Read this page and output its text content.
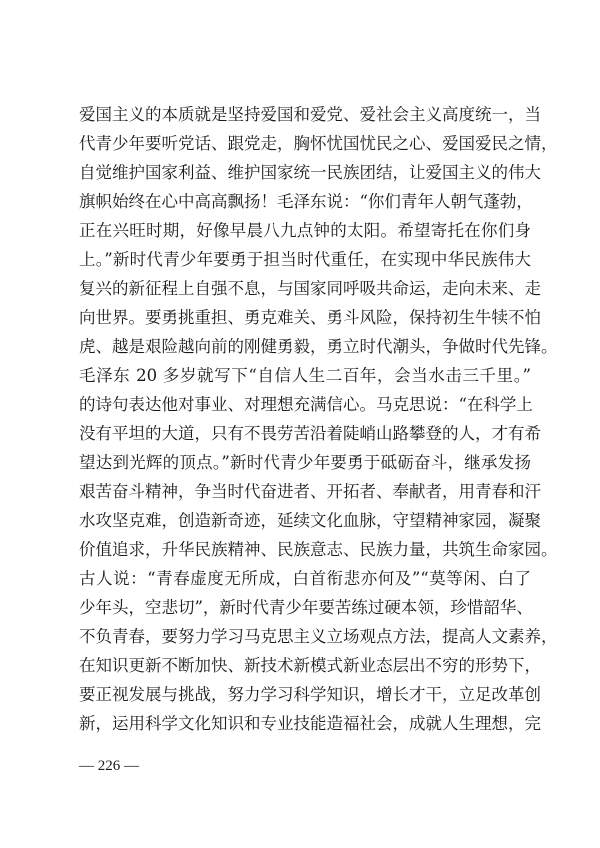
爱国主义的本质就是坚持爱国和爱党、爱社会主义高度统一，当
代青少年要听党话、跟党走，胸怀忧国忧民之心、爱国爱民之情，
自觉维护国家利益、维护国家统一民族团结，让爱国主义的伟大
旗帜始终在心中高高飘扬！毛泽东说：“你们青年人朝气蓬勃，
正在兴旺时期，好像早晨八九点钟的太阳。希望寄托在你们身
上。”新时代青少年要勇于担当时代重任，在实现中华民族伟大
复兴的新征程上自强不息，与国家同呼吸共命运，走向未来、走
向世界。要勇挑重担、勇克难关、勇斗风险，保持初生牛犊不怕
虎、越是艰险越向前的刚健勇毅，勇立时代潮头，争做时代先锋。
毛泽东 20 多岁就写下“自信人生二百年，会当水击三千里。”
的诗句表达他对事业、对理想充满信心。马克思说：“在科学上
没有平坦的大道，只有不畏劳苦沿着陡峭山路攀登的人，才有希
望达到光辉的顶点。”新时代青少年要勇于砥砺奋斗，继承发扬
艰苦奋斗精神，争当时代奋进者、开拓者、奉献者，用青春和汗
水攻坚克难，创造新奇迹，延续文化血脉，守望精神家园，凝聚
价值追求，升华民族精神、民族意志、民族力量，共筑生命家园。
古人说：“青春虚度无所成，白首衔悲亦何及”“莫等闲、白了
少年头，空悲切”，新时代青少年要苦练过硬本领，珍惜韶华、
不负青春，要努力学习马克思主义立场观点方法，提高人文素养，
在知识更新不断加快、新技术新模式新业态层出不穷的形势下，
要正视发展与挑战，努力学习科学知识，增长才干，立足改革创
新，运用科学文化知识和专业技能造福社会，成就人生理想，完
— 226 —
